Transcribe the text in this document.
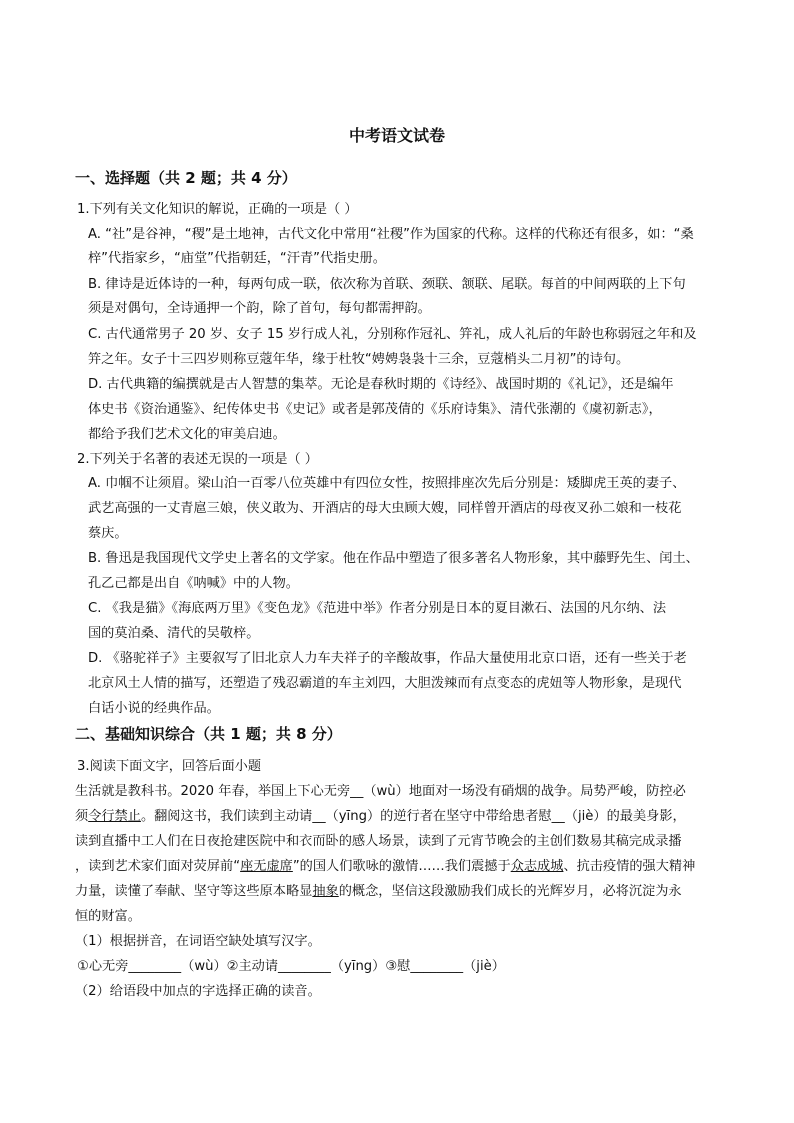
中考语文试卷
一、选择题（共 2 题；共 4 分）
1.下列有关文化知识的解说，正确的一项是（ ）
A. “社”是谷神，“稷”是土地神，古代文化中常用“社稷”作为国家的代称。这样的代称还有很多，如：“桑
梓”代指家乡，“庙堂”代指朝廷，“汗青”代指史册。
B. 律诗是近体诗的一种，每两句成一联，依次称为首联、颈联、颔联、尾联。每首的中间两联的上下句
须是对偶句，全诗通押一个韵，除了首句，每句都需押韵。
C. 古代通常男子 20 岁、女子 15 岁行成人礼，分别称作冠礼、笄礼，成人礼后的年龄也称弱冠之年和及
笄之年。女子十三四岁则称豆蔻年华，缘于杜牧“娉娉袅袅十三余，豆蔻梢头二月初”的诗句。
D. 古代典籍的编撰就是古人智慧的集萃。无论是春秋时期的《诗经》、战国时期的《礼记》，还是编年
体史书《资治通鉴》、纪传体史书《史记》或者是郭茂倩的《乐府诗集》、清代张潮的《虞初新志》，
都给予我们艺术文化的审美启迪。
2.下列关于名著的表述无误的一项是（ ）
A. 巾帼不让须眉。梁山泊一百零八位英雄中有四位女性，按照排座次先后分别是：矮脚虎王英的妻子、
武艺高强的一丈青扈三娘，侠义敢为、开酒店的母大虫顾大嫂，同样曾开酒店的母夜叉孙二娘和一枝花
蔡庆。
B. 鲁迅是我国现代文学史上著名的文学家。他在作品中塑造了很多著名人物形象，其中藤野先生、闰土、
孔乙己都是出自《呐喊》中的人物。
C. 《我是猫》《海底两万里》《变色龙》《范进中举》作者分别是日本的夏目漱石、法国的凡尔纳、法
国的莫泊桑、清代的吴敬梓。
D. 《骆驼祥子》主要叙写了旧北京人力车夫祥子的辛酸故事，作品大量使用北京口语，还有一些关于老
北京风土人情的描写，还塑造了残忍霸道的车主刘四，大胆泼辣而有点变态的虎妞等人物形象，是现代
白话小说的经典作品。
二、基础知识综合（共 1 题；共 8 分）
3.阅读下面文字，回答后面小题
生活就是教科书。2020 年春，举国上下心无旁__（wù）地面对一场没有硝烟的战争。局势严峻，防控必
须令行禁止。翻阅这书，我们读到主动请__（yīng）的逆行者在坚守中带给患者慰__（jiè）的最美身影，
读到直播中工人们在日夜抢建医院中和衣而卧的感人场景，读到了元宵节晚会的主创们数易其稿完成录播
，读到艺术家们面对荧屏前“座无虚席”的国人们歌咏的激情……我们震撼于众志成城、抗击疫情的强大精神
力量，读懂了奉献、坚守等这些原本略显抽象的概念，坚信这段激励我们成长的光辉岁月，必将沉淀为永
恒的财富。
（1）根据拼音，在词语空缺处填写汉字。
①心无旁________（wù）②主动请________（yīng）③慰________（jiè）
（2）给语段中加点的字选择正确的读音。
